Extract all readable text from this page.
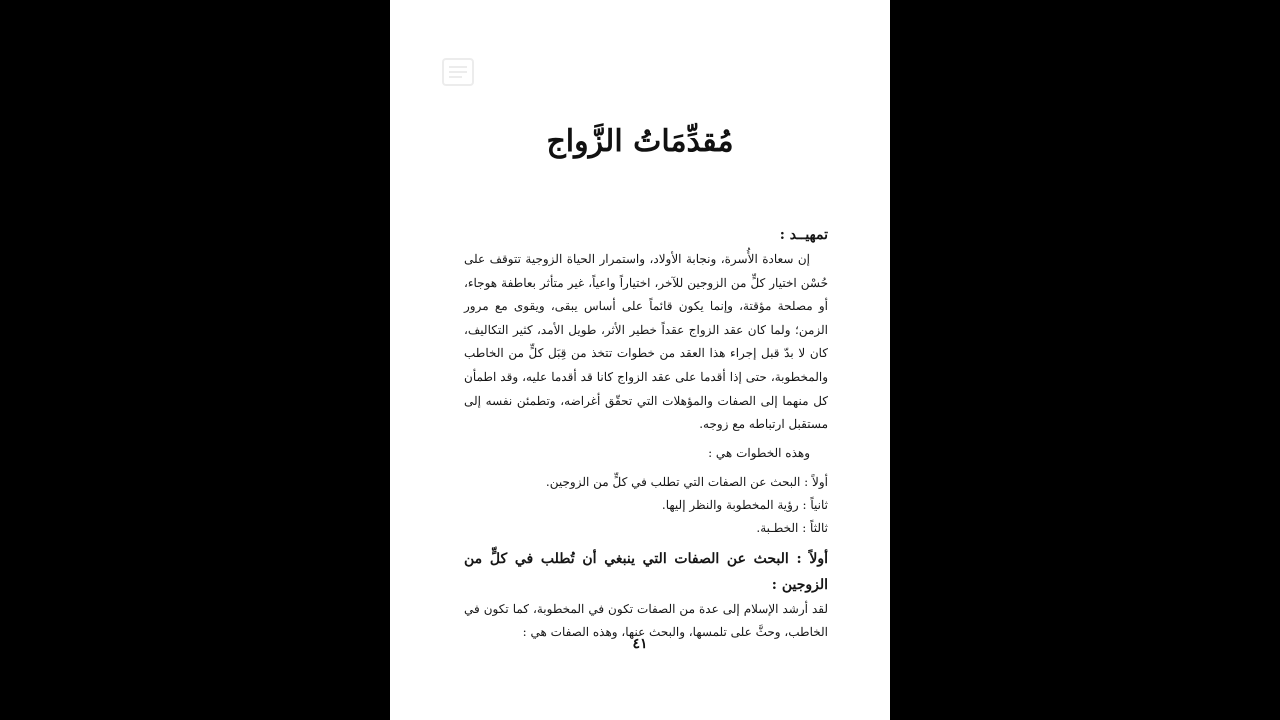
مُقدِّمَاتُ الزَّواج
تمهيــد :

إن سعادة الأُسرة، ونجابة الأولاد، واستمرار الحياة الزوجية تتوقف على حُسْن اختيار كلٍّ من الزوجين للآخر، اختياراً واعياً، غير متأثر بعاطفة هوجاء، أو مصلحة مؤقتة، وإنما يكون قائماً على أساس يبقى، ويقوى مع مرور الزمن؛ ولما كان عقد الزواج عقداً خطير الأثر، طويل الأمد، كثير التكاليف، كان لا بدّ قبل إجراء هذا العقد من خطوات تتخذ من قِبَل كلٍّ من الخاطب والمخطوبة، حتى إذا أقدما على عقد الزواج كانا قد أقدما عليه، وقد اطمأن كل منهما إلى الصفات والمؤهلات التي تحقّق أغراضه، وتطمئن نفسه إلى مستقبل ارتباطه مع زوجه.

وهذه الخطوات هي :

أولاً : البحث عن الصفات التي تطلب في كلٍّ من الزوجين.

ثانياً : رؤية المخطوبة والنظر إليها.

ثالثاً : الخطـبة.

أولاً : البحث عن الصفات التي ينبغي أن تُطلب في كلٍّ من الزوجين :

لقد أرشد الإسلام إلى عدة من الصفات تكون في المخطوبة، كما تكون في الخاطب، وحثَّ على تلمسها، والبحث عنها، وهذه الصفات هي :

٤١
